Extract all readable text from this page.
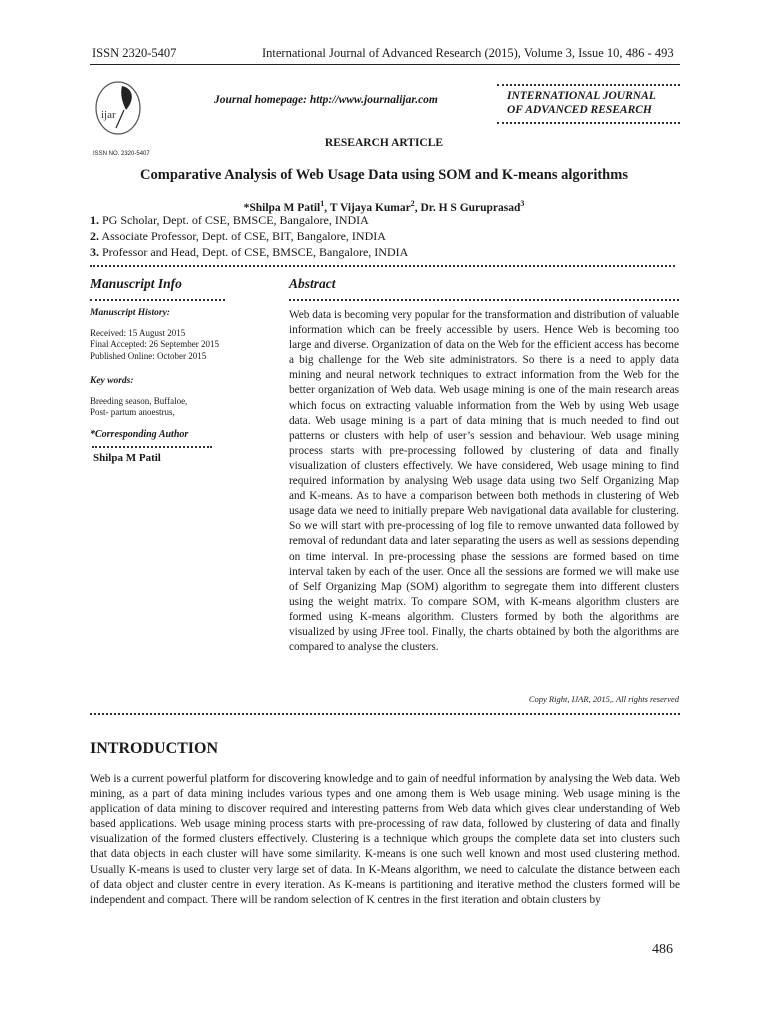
ISSN 2320-5407	International Journal of Advanced Research (2015), Volume 3, Issue 10, 486 - 493
ijar
ISSN NO. 2320-5407
Journal homepage: http://www.journalijar.com	INTERNATIONAL JOURNAL
OF ADVANCED RESEARCH
RESEARCH ARTICLE
Comparative Analysis of Web Usage Data using SOM and K-means algorithms
*Shilpa M Patil$^1$, T Vijaya Kumar$^2$, Dr. H S Guruprasad$^3$
1. PG Scholar, Dept. of CSE, BMSCE, Bangalore, INDIA
2. Associate Professor, Dept. of CSE, BIT, Bangalore, INDIA
3. Professor and Head, Dept. of CSE, BMSCE, Bangalore, INDIA
Manuscript Info	Abstract
Manuscript History:
Received: 15 August 2015
Final Accepted: 26 September 2015
Published Online: October 2015
Key words:
Breeding season, Buffaloe,
Post- partum anoestrus,
*Corresponding Author
Shilpa M Patil

Web data is becoming very popular for the transformation and distribution of valuable information which can be freely accessible by users. Hence Web is becoming too large and diverse. Organization of data on the Web for the efficient access has become a big challenge for the Web site administrators. So there is a need to apply data mining and neural network techniques to extract information from the Web for the better organization of Web data. Web usage mining is one of the main research areas which focus on extracting valuable information from the Web by using Web usage data. Web usage mining is a part of data mining that is much needed to find out patterns or clusters with help of user’s session and behaviour. Web usage mining process starts with pre-processing followed by clustering of data and finally visualization of clusters effectively. We have considered, Web usage mining to find required information by analysing Web usage data using two Self Organizing Map and K-means. As to have a comparison between both methods in clustering of Web usage data we need to initially prepare Web navigational data available for clustering. So we will start with pre-processing of log file to remove unwanted data followed by removal of redundant data and later separating the users as well as sessions depending on time interval. In pre-processing phase the sessions are formed based on time interval taken by each of the user. Once all the sessions are formed we will make use of Self Organizing Map (SOM) algorithm to segregate them into different clusters using the weight matrix. To compare SOM, with K-means algorithm clusters are formed using K-means algorithm. Clusters formed by both the algorithms are visualized by using JFree tool. Finally, the charts obtained by both the algorithms are compared to analyse the clusters.

Copy Right, IJAR, 2015,. All rights reserved
INTRODUCTION

Web is a current powerful platform for discovering knowledge and to gain of needful information by analysing the Web data. Web mining, as a part of data mining includes various types and one among them is Web usage mining. Web usage mining is the application of data mining to discover required and interesting patterns from Web data which gives clear understanding of Web based applications. Web usage mining process starts with pre-processing of raw data, followed by clustering of data and finally visualization of the formed clusters effectively. Clustering is a technique which groups the complete data set into clusters such that data objects in each cluster will have some similarity. K-means is one such well known and most used clustering method. Usually K-means is used to cluster very large set of data. In K-Means algorithm, we need to calculate the distance between each of data object and cluster centre in every iteration. As K-means is partitioning and iterative method the clusters formed will be independent and compact. There will be random selection of K centres in the first iteration and obtain clusters by

486
